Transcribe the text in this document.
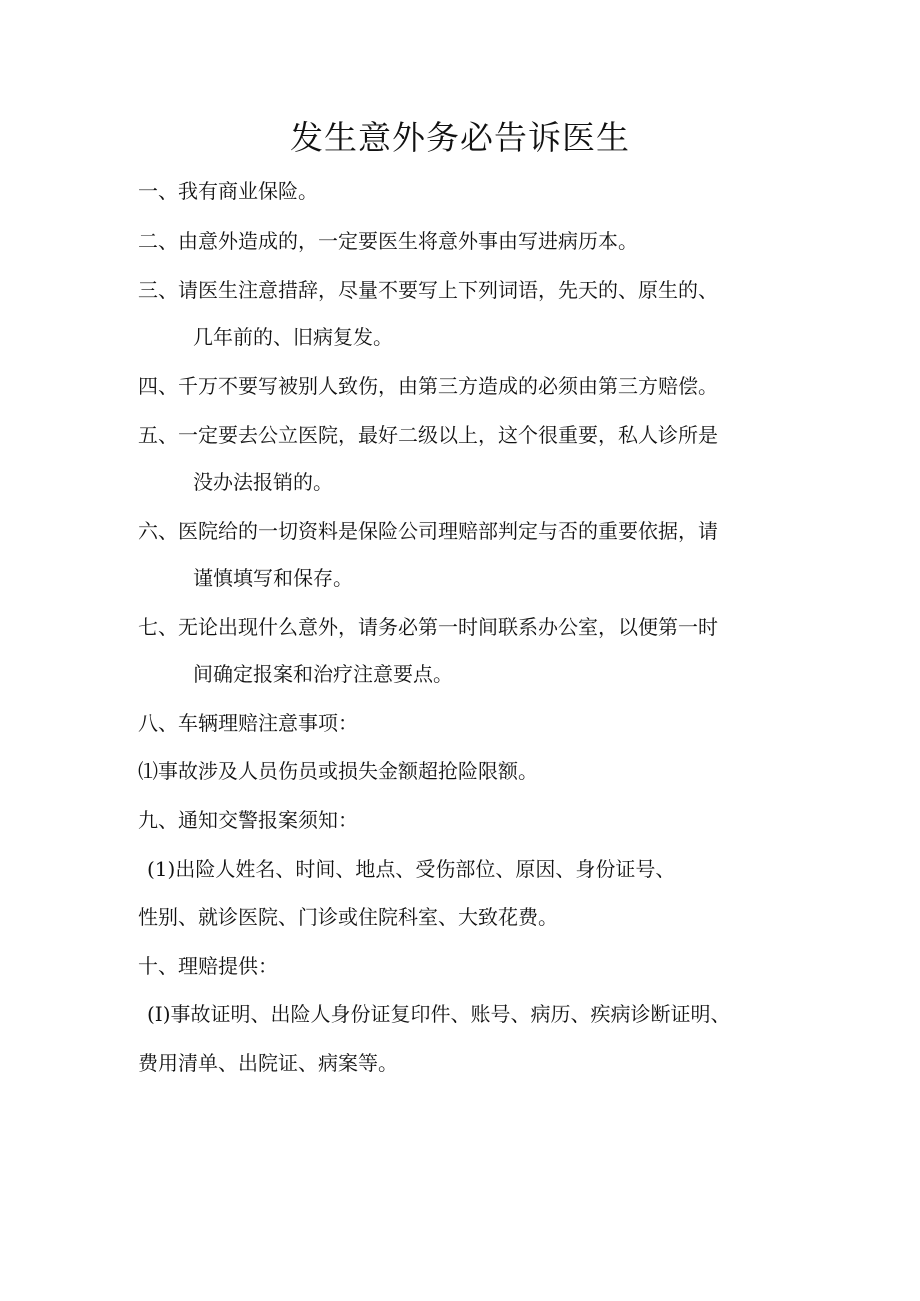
发生意外务必告诉医生
一、我有商业保险。
二、由意外造成的，一定要医生将意外事由写进病历本。
三、请医生注意措辞，尽量不要写上下列词语，先天的、原生的、
几年前的、旧病复发。
四、千万不要写被别人致伤，由第三方造成的必须由第三方赔偿。
五、一定要去公立医院，最好二级以上，这个很重要，私人诊所是
没办法报销的。
六、医院给的一切资料是保险公司理赔部判定与否的重要依据，请
谨慎填写和保存。
七、无论出现什么意外，请务必第一时间联系办公室，以便第一时
间确定报案和治疗注意要点。
八、车辆理赔注意事项：
⑴事故涉及人员伤员或损失金额超抢险限额。
九、通知交警报案须知：
(1)出险人姓名、时间、地点、受伤部位、原因、身份证号、
性别、就诊医院、门诊或住院科室、大致花费。
十、理赔提供：
(I)事故证明、出险人身份证复印件、账号、病历、疾病诊断证明、
费用清单、出院证、病案等。
